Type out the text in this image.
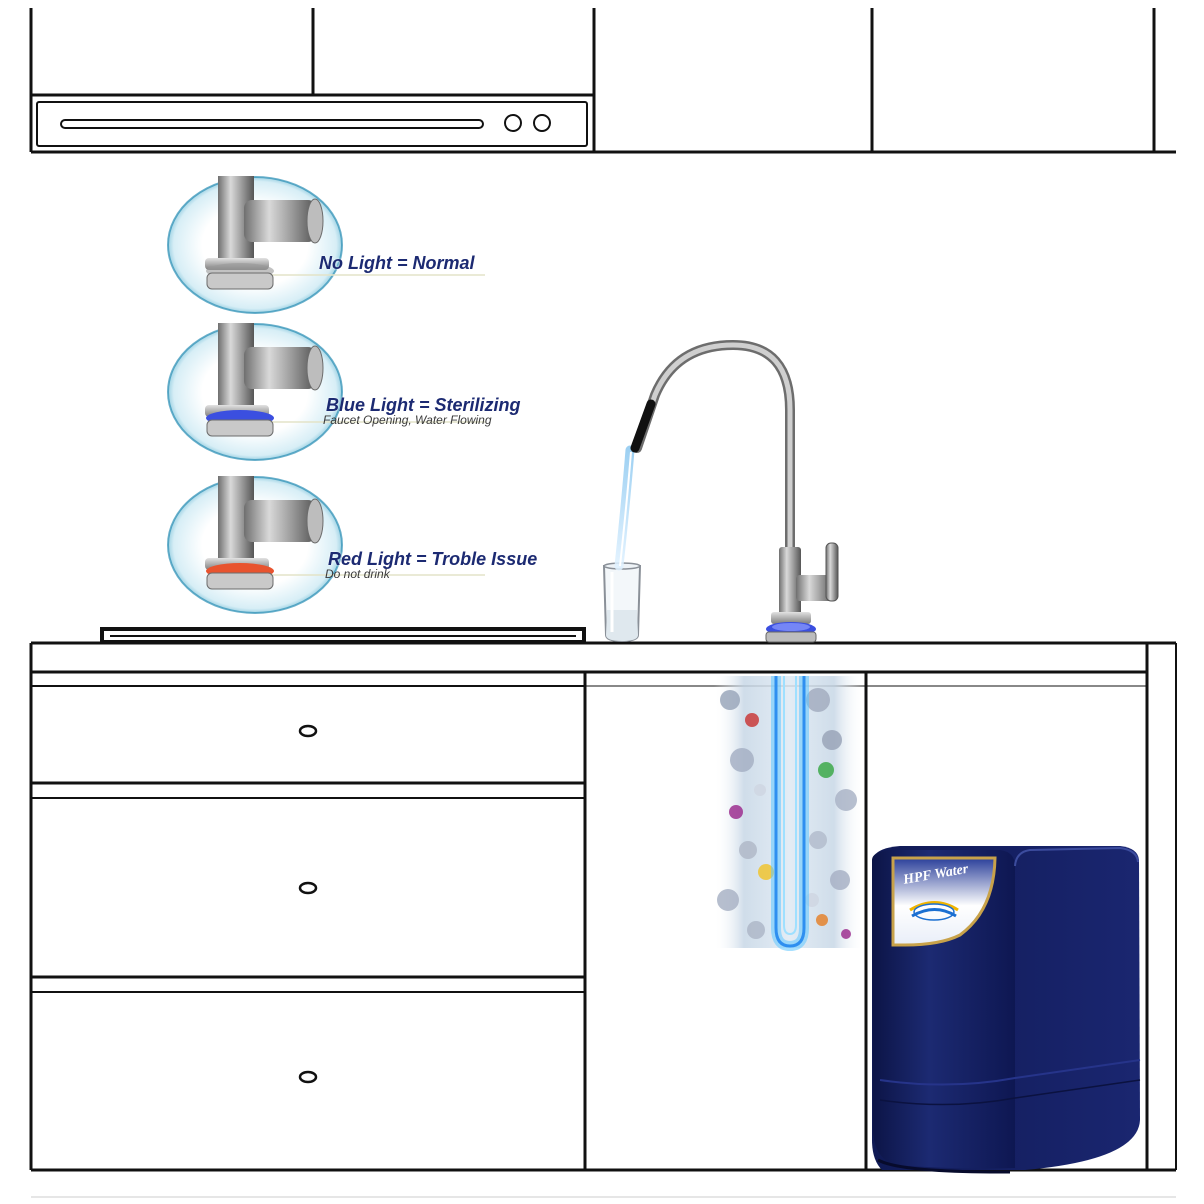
HPF Water

No Light = Normal

Blue Light = Sterilizing

Faucet Opening, Water Flowing

Red Light = Troble Issue

Do not drink
